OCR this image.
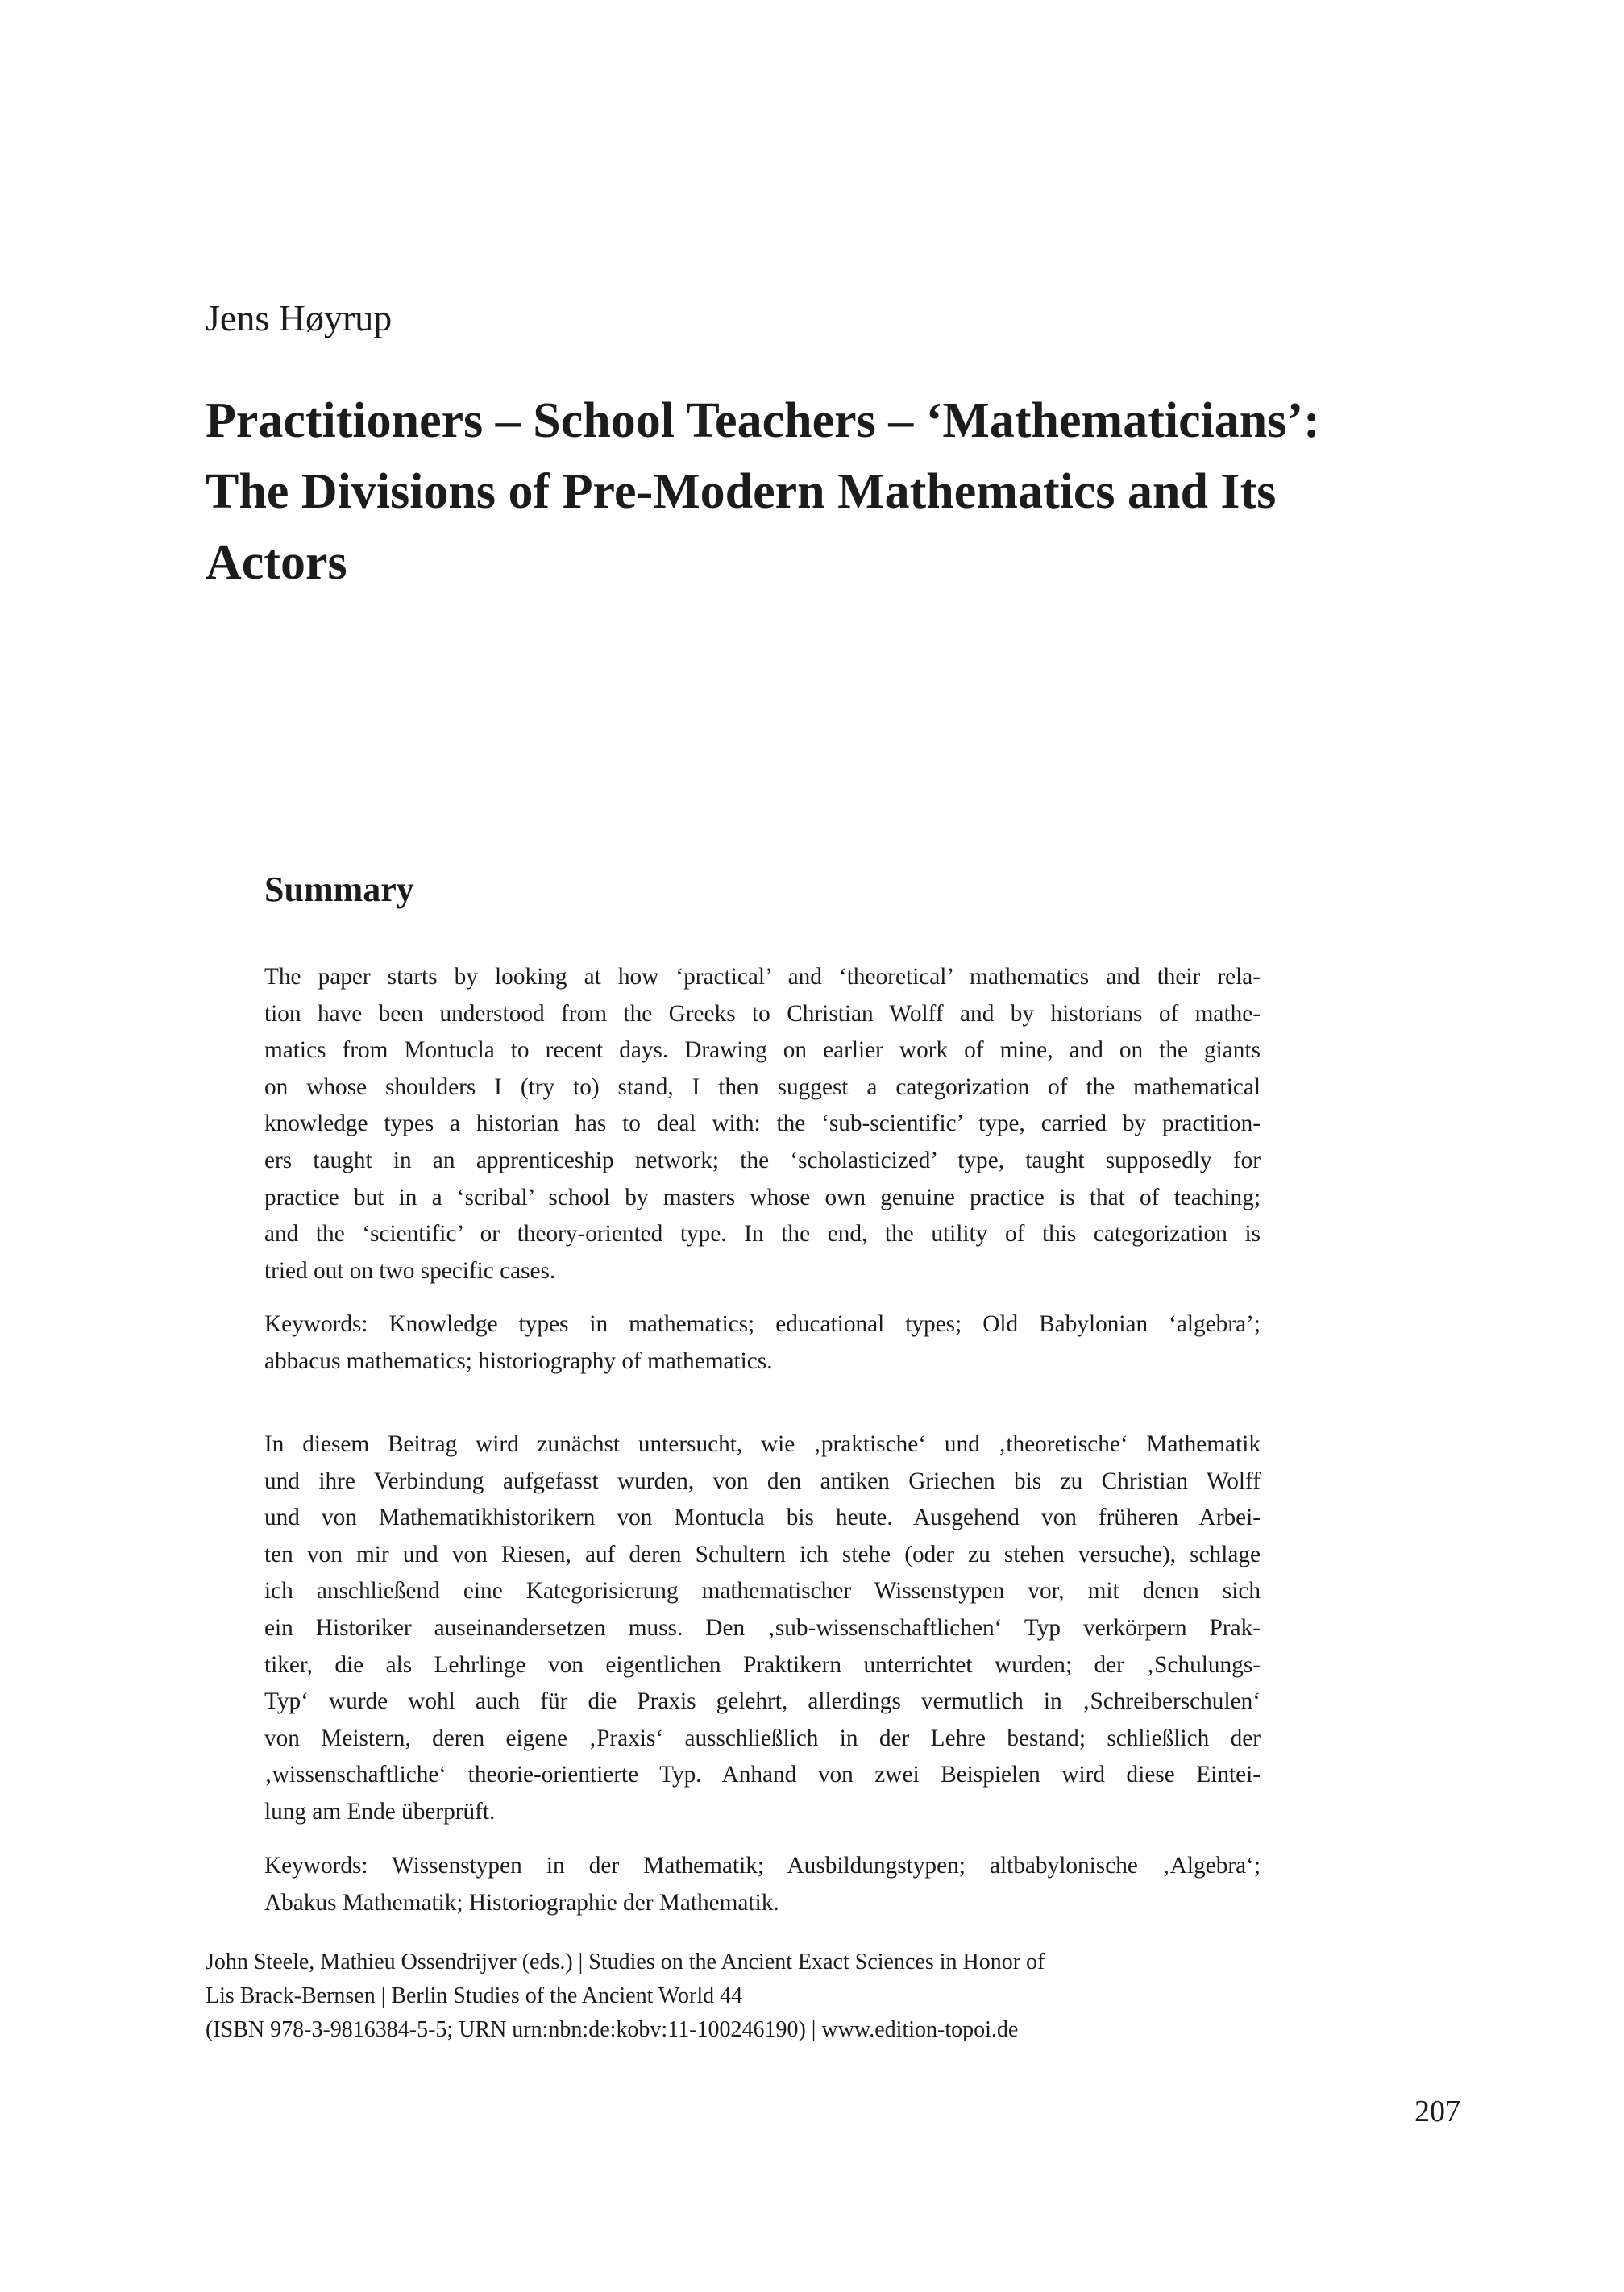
Jens Høyrup
Practitioners – School Teachers – ‘Mathematicians’:
The Divisions of Pre-Modern Mathematics and Its
Actors
Summary
The paper starts by looking at how ‘practical’ and ‘theoretical’ mathematics and their rela-
tion have been understood from the Greeks to Christian Wolff and by historians of mathe-
matics from Montucla to recent days. Drawing on earlier work of mine, and on the giants
on whose shoulders I (try to) stand, I then suggest a categorization of the mathematical
knowledge types a historian has to deal with: the ‘sub-scientific’ type, carried by practition-
ers taught in an apprenticeship network; the ‘scholasticized’ type, taught supposedly for
practice but in a ‘scribal’ school by masters whose own genuine practice is that of teaching;
and the ‘scientific’ or theory-oriented type. In the end, the utility of this categorization is
tried out on two specific cases.
Keywords: Knowledge types in mathematics; educational types; Old Babylonian ‘algebra’;
abbacus mathematics; historiography of mathematics.
In diesem Beitrag wird zunächst untersucht, wie ‚praktische‘ und ‚theoretische‘ Mathematik
und ihre Verbindung aufgefasst wurden, von den antiken Griechen bis zu Christian Wolff
und von Mathematikhistorikern von Montucla bis heute. Ausgehend von früheren Arbei-
ten von mir und von Riesen, auf deren Schultern ich stehe (oder zu stehen versuche), schlage
ich anschließend eine Kategorisierung mathematischer Wissenstypen vor, mit denen sich
ein Historiker auseinandersetzen muss. Den ‚sub-wissenschaftlichen‘ Typ verkörpern Prak-
tiker, die als Lehrlinge von eigentlichen Praktikern unterrichtet wurden; der ‚Schulungs-
Typ‘ wurde wohl auch für die Praxis gelehrt, allerdings vermutlich in ‚Schreiberschulen‘
von Meistern, deren eigene ‚Praxis‘ ausschließlich in der Lehre bestand; schließlich der
‚wissenschaftliche‘ theorie-orientierte Typ. Anhand von zwei Beispielen wird diese Eintei-
lung am Ende überprüft.
Keywords: Wissenstypen in der Mathematik; Ausbildungstypen; altbabylonische ‚Algebra‘;
Abakus Mathematik; Historiographie der Mathematik.
John Steele, Mathieu Ossendrijver (eds.) | Studies on the Ancient Exact Sciences in Honor of
Lis Brack-Bernsen | Berlin Studies of the Ancient World 44
(ISBN 978-3-9816384-5-5; URN urn:nbn:de:kobv:11-100246190) | www.edition-topoi.de
207
